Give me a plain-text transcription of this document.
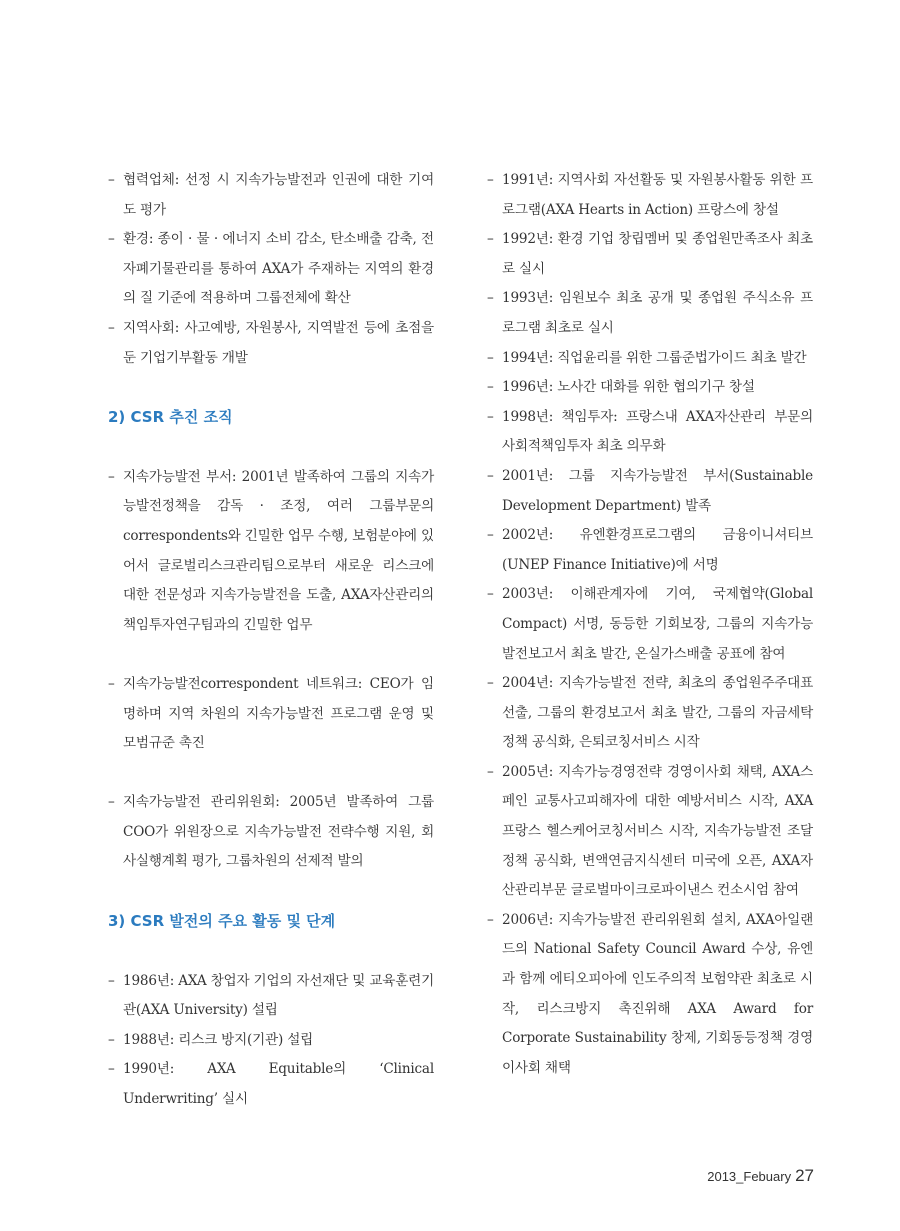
– 협력업체: 선정 시 지속가능발전과 인권에 대한 기여도 평가

– 환경: 종이 · 물 · 에너지 소비 감소, 탄소배출 감축, 전자폐기물관리를 통하여 AXA가 주재하는 지역의 환경의 질 기준에 적용하며 그룹전체에 확산

– 지역사회: 사고예방, 자원봉사, 지역발전 등에 초점을 둔 기업기부활동 개발

2) CSR 추진 조직

– 지속가능발전 부서: 2001년 발족하여 그룹의 지속가능발전정책을 감독 · 조정, 여러 그룹부문의 correspondents와 긴밀한 업무 수행, 보험분야에 있어서 글로벌리스크관리팀으로부터 새로운 리스크에 대한 전문성과 지속가능발전을 도출, AXA자산관리의 책임투자연구팀과의 긴밀한 업무

– 지속가능발전correspondent 네트워크: CEO가 임명하며 지역 차원의 지속가능발전 프로그램 운영 및 모범규준 촉진

– 지속가능발전 관리위원회: 2005년 발족하여 그룹COO가 위원장으로 지속가능발전 전략수행 지원, 회사실행계획 평가, 그룹차원의 선제적 발의

3) CSR 발전의 주요 활동 및 단계

– 1986년: AXA 창업자 기업의 자선재단 및 교육훈련기관(AXA University) 설립

– 1988년: 리스크 방지(기관) 설립

– 1990년: AXA Equitable의 ‘Clinical Underwriting’ 실시

– 1991년: 지역사회 자선활동 및 자원봉사활동 위한 프로그램(AXA Hearts in Action) 프랑스에 창설

– 1992년: 환경 기업 창립멤버 및 종업원만족조사 최초로 실시

– 1993년: 임원보수 최초 공개 및 종업원 주식소유 프로그램 최초로 실시

– 1994년: 직업윤리를 위한 그룹준법가이드 최초 발간

– 1996년: 노사간 대화를 위한 협의기구 창설

– 1998년: 책임투자: 프랑스내 AXA자산관리 부문의 사회적책임투자 최초 의무화

– 2001년: 그룹 지속가능발전 부서(Sustainable Development Department) 발족

– 2002년: 유엔환경프로그램의 금융이니셔티브(UNEP Finance Initiative)에 서명

– 2003년: 이해관계자에 기여, 국제협약(Global Compact) 서명, 동등한 기회보장, 그룹의 지속가능발전보고서 최초 발간, 온실가스배출 공표에 참여

– 2004년: 지속가능발전 전략, 최초의 종업원주주대표 선출, 그룹의 환경보고서 최초 발간, 그룹의 자금세탁정책 공식화, 은퇴코칭서비스 시작

– 2005년: 지속가능경영전략 경영이사회 채택, AXA스페인 교통사고피해자에 대한 예방서비스 시작, AXA프랑스 헬스케어코칭서비스 시작, 지속가능발전 조달정책 공식화, 변액연금지식센터 미국에 오픈, AXA자산관리부문 글로벌마이크로파이낸스 컨소시엄 참여

– 2006년: 지속가능발전 관리위원회 설치, AXA아일랜드의 National Safety Council Award 수상, 유엔과 함께 에티오피아에 인도주의적 보험약관 최초로 시작, 리스크방지 촉진위해 AXA Award for Corporate Sustainability 창제, 기회동등정책 경영이사회 채택

2013_Febuary 27
